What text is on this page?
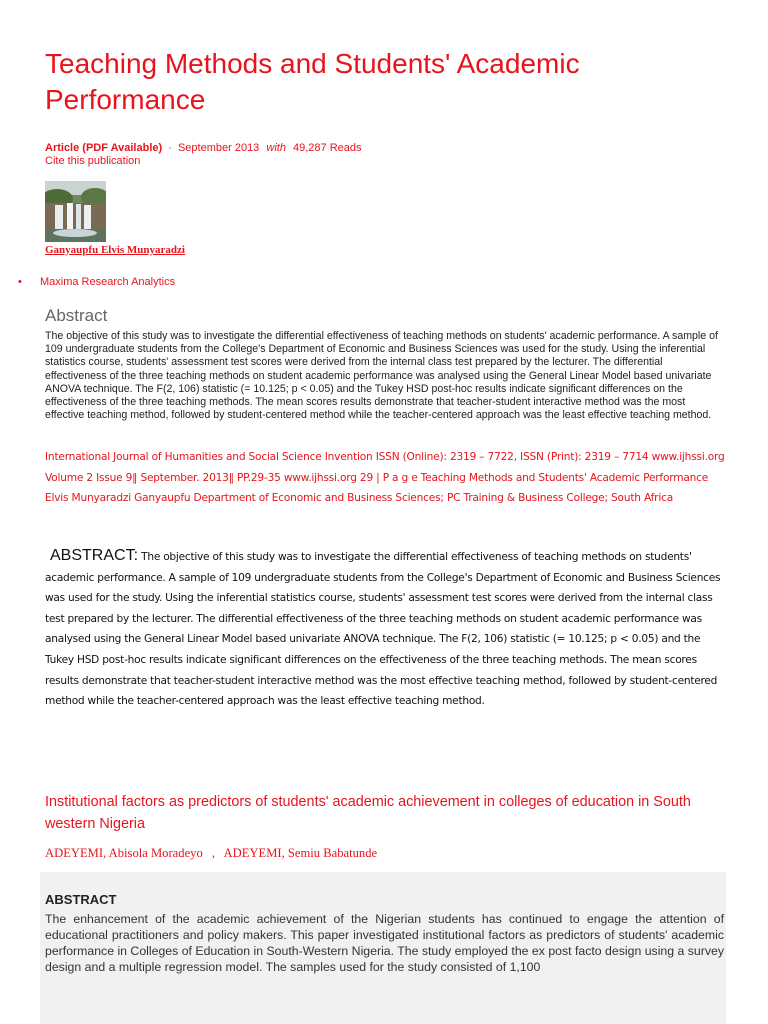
Teaching Methods and Students' Academic Performance
Article (PDF Available) · September 2013 with 49,287 Reads
Cite this publication
Ganyaupfu Elvis Munyaradzi
• Maxima Research Analytics
Abstract

The objective of this study was to investigate the differential effectiveness of teaching methods on students' academic performance. A sample of 109 undergraduate students from the College's Department of Economic and Business Sciences was used for the study. Using the inferential statistics course, students' assessment test scores were derived from the internal class test prepared by the lecturer. The differential effectiveness of the three teaching methods on student academic performance was analysed using the General Linear Model based univariate ANOVA technique. The F(2, 106) statistic (= 10.125; p < 0.05) and the Tukey HSD post-hoc results indicate significant differences on the effectiveness of the three teaching methods. The mean scores results demonstrate that teacher-student interactive method was the most effective teaching method, followed by student-centered method while the teacher-centered approach was the least effective teaching method.

International Journal of Humanities and Social Science Invention ISSN (Online): 2319 – 7722, ISSN (Print): 2319 – 7714 www.ijhssi.org Volume 2 Issue 9‖ September. 2013‖ PP.29-35 www.ijhssi.org 29 | P a g e Teaching Methods and Students' Academic Performance Elvis Munyaradzi Ganyaupfu Department of Economic and Business Sciences; PC Training & Business College; South Africa

ABSTRACT: The objective of this study was to investigate the differential effectiveness of teaching methods on students' academic performance. A sample of 109 undergraduate students from the College's Department of Economic and Business Sciences was used for the study. Using the inferential statistics course, students' assessment test scores were derived from the internal class test prepared by the lecturer. The differential effectiveness of the three teaching methods on student academic performance was analysed using the General Linear Model based univariate ANOVA technique. The F(2, 106) statistic (= 10.125; p < 0.05) and the Tukey HSD post-hoc results indicate significant differences on the effectiveness of the three teaching methods. The mean scores results demonstrate that teacher-student interactive method was the most effective teaching method, followed by student-centered method while the teacher-centered approach was the least effective teaching method.

Institutional factors as predictors of students' academic achievement in colleges of education in South western Nigeria
ADEYEMI, Abisola Moradeyo , ADEYEMI, Semiu Babatunde
ABSTRACT

The enhancement of the academic achievement of the Nigerian students has continued to engage the attention of educational practitioners and policy makers. This paper investigated institutional factors as predictors of students' academic performance in Colleges of Education in South-Western Nigeria. The study employed the ex post facto design using a survey design and a multiple regression model. The samples used for the study consisted of 1,100
